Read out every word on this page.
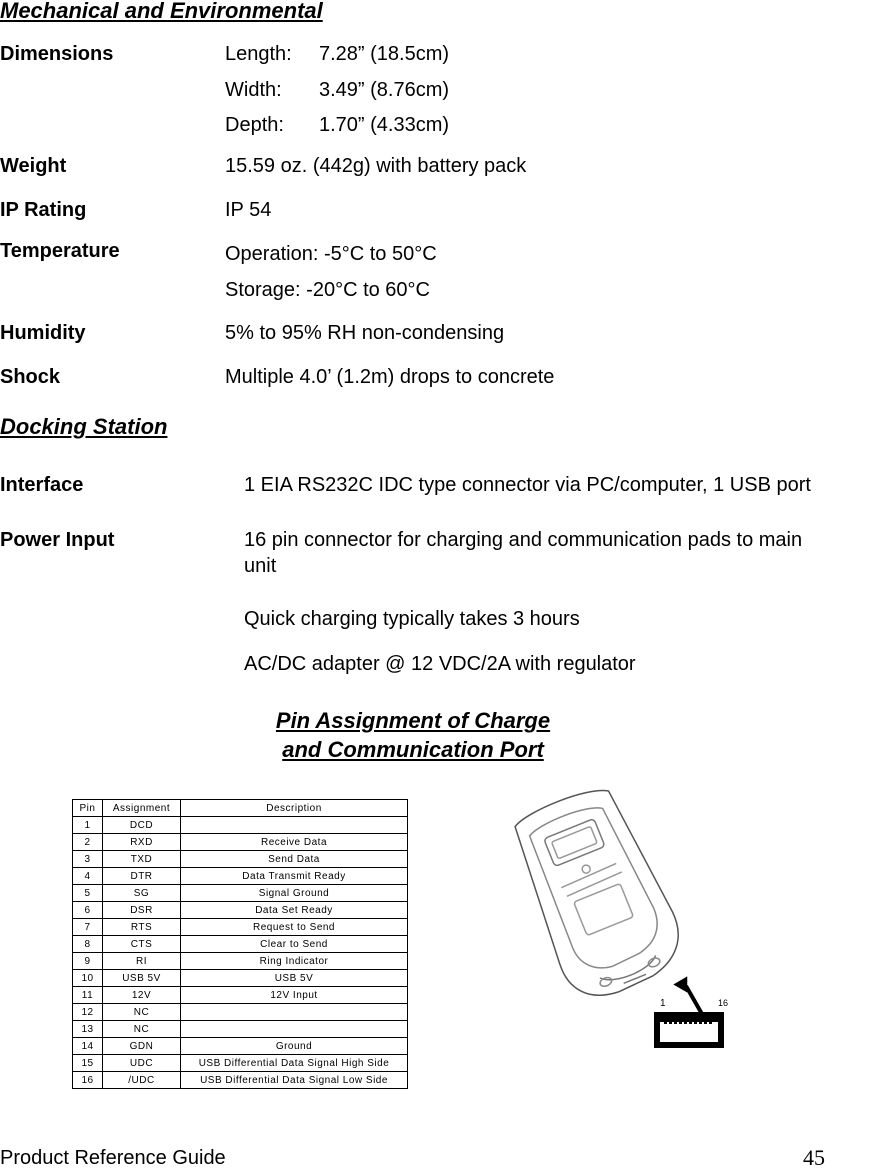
Mechanical and Environmental
Dimensions	Length: 7.28” (18.5cm)
Width: 3.49” (8.76cm)
Depth: 1.70” (4.33cm)
Weight	15.59 oz. (442g) with battery pack
IP Rating	IP 54
Temperature	Operation: -5°C to 50°C
Storage: -20°C to 60°C
Humidity	5% to 95% RH non-condensing
Shock	Multiple 4.0’ (1.2m) drops to concrete
Docking Station
Interface	1 EIA RS232C IDC type connector via PC/computer, 1 USB port
Power Input	16 pin connector for charging and communication pads to main
unit
Quick charging typically takes 3 hours
AC/DC adapter @ 12 VDC/2A with regulator
Pin Assignment of Charge
and Communication Port
Pin	Assignment	Description
1	DCD	
2	RXD	Receive Data
3	TXD	Send Data
4	DTR	Data Transmit Ready
5	SG	Signal Ground
6	DSR	Data Set Ready
7	RTS	Request to Send
8	CTS	Clear to Send
9	RI	Ring Indicator
10	USB 5V	USB 5V
11	12V	12V Input
12	NC	
13	NC	
14	GDN	Ground
15	UDC	USB Differential Data Signal High Side
16	/UDC	USB Differential Data Signal Low Side
1	16
Product Reference Guide	45
